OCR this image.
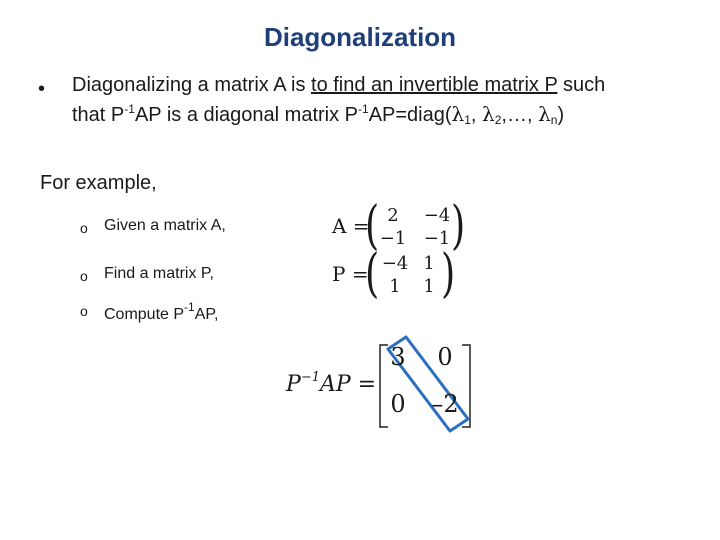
Diagonalization
• Diagonalizing a matrix A is to find an invertible matrix P such
that $P^{-1}AP$ is a diagonal matrix $P^{-1}AP=diag(\lambda_1$, $\lambda_2,\dots$, $\lambda_n$)
For example,
o Given a matrix A,
o Find a matrix P,
o Compute $P^{-1}AP$,
A =
( 2	−4
−1 −1 )
P =
( −4 1
1	1 )
$P^{-1}AP$ =
3	0
0	–2
